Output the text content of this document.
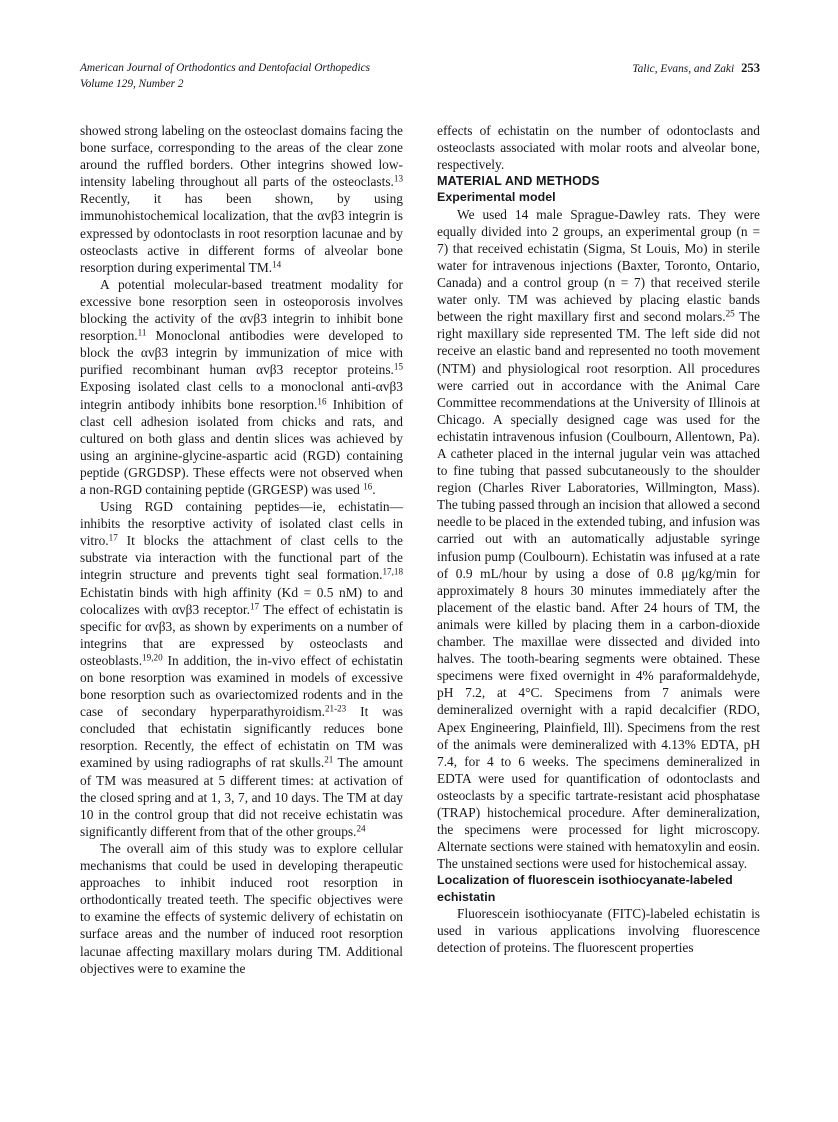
American Journal of Orthodontics and Dentofacial Orthopedics
Volume 129, Number 2
Talic, Evans, and Zaki 253

showed strong labeling on the osteoclast domains facing the bone surface, corresponding to the areas of the clear zone around the ruffled borders. Other integrins showed low-intensity labeling throughout all parts of the osteoclasts.$^{13}$ Recently, it has been shown, by using immunohistochemical localization, that the αvβ3 integrin is expressed by odontoclasts in root resorption lacunae and by osteoclasts active in different forms of alveolar bone resorption during experimental TM.$^{14}$

A potential molecular-based treatment modality for excessive bone resorption seen in osteoporosis involves blocking the activity of the αvβ3 integrin to inhibit bone resorption.$^{11}$ Monoclonal antibodies were developed to block the αvβ3 integrin by immunization of mice with purified recombinant human αvβ3 receptor proteins.$^{15}$ Exposing isolated clast cells to a monoclonal anti-αvβ3 integrin antibody inhibits bone resorption.$^{16}$ Inhibition of clast cell adhesion isolated from chicks and rats, and cultured on both glass and dentin slices was achieved by using an arginine-glycine-aspartic acid (RGD) containing peptide (GRGDSP). These effects were not observed when a non-RGD containing peptide (GRGESP) was used $^{16}$.

Using RGD containing peptides—ie, echistatin—inhibits the resorptive activity of isolated clast cells in vitro.$^{17}$ It blocks the attachment of clast cells to the substrate via interaction with the functional part of the integrin structure and prevents tight seal formation.$^{17,18}$ Echistatin binds with high affinity (Kd = 0.5 nM) to and colocalizes with αvβ3 receptor.$^{17}$ The effect of echistatin is specific for αvβ3, as shown by experiments on a number of integrins that are expressed by osteoclasts and osteoblasts.$^{19,20}$ In addition, the in-vivo effect of echistatin on bone resorption was examined in models of excessive bone resorption such as ovariectomized rodents and in the case of secondary hyperparathyroidism.$^{21-23}$ It was concluded that echistatin significantly reduces bone resorption. Recently, the effect of echistatin on TM was examined by using radiographs of rat skulls.$^{21}$ The amount of TM was measured at 5 different times: at activation of the closed spring and at 1, 3, 7, and 10 days. The TM at day 10 in the control group that did not receive echistatin was significantly different from that of the other groups.$^{24}$

The overall aim of this study was to explore cellular mechanisms that could be used in developing therapeutic approaches to inhibit induced root resorption in orthodontically treated teeth. The specific objectives were to examine the effects of systemic delivery of echistatin on surface areas and the number of induced root resorption lacunae affecting maxillary molars during TM. Additional objectives were to examine the

effects of echistatin on the number of odontoclasts and osteoclasts associated with molar roots and alveolar bone, respectively.

MATERIAL AND METHODS
Experimental model

We used 14 male Sprague-Dawley rats. They were equally divided into 2 groups, an experimental group (n = 7) that received echistatin (Sigma, St Louis, Mo) in sterile water for intravenous injections (Baxter, Toronto, Ontario, Canada) and a control group (n = 7) that received sterile water only. TM was achieved by placing elastic bands between the right maxillary first and second molars.$^{25}$ The right maxillary side represented TM. The left side did not receive an elastic band and represented no tooth movement (NTM) and physiological root resorption. All procedures were carried out in accordance with the Animal Care Committee recommendations at the University of Illinois at Chicago. A specially designed cage was used for the echistatin intravenous infusion (Coulbourn, Allentown, Pa). A catheter placed in the internal jugular vein was attached to fine tubing that passed subcutaneously to the shoulder region (Charles River Laboratories, Willmington, Mass). The tubing passed through an incision that allowed a second needle to be placed in the extended tubing, and infusion was carried out with an automatically adjustable syringe infusion pump (Coulbourn). Echistatin was infused at a rate of 0.9 mL/hour by using a dose of 0.8 μg/kg/min for approximately 8 hours 30 minutes immediately after the placement of the elastic band. After 24 hours of TM, the animals were killed by placing them in a carbon-dioxide chamber. The maxillae were dissected and divided into halves. The tooth-bearing segments were obtained. These specimens were fixed overnight in 4% paraformaldehyde, pH 7.2, at 4°C. Specimens from 7 animals were demineralized overnight with a rapid decalcifier (RDO, Apex Engineering, Plainfield, Ill). Specimens from the rest of the animals were demineralized with 4.13% EDTA, pH 7.4, for 4 to 6 weeks. The specimens demineralized in EDTA were used for quantification of odontoclasts and osteoclasts by a specific tartrate-resistant acid phosphatase (TRAP) histochemical procedure. After demineralization, the specimens were processed for light microscopy. Alternate sections were stained with hematoxylin and eosin. The unstained sections were used for histochemical assay.

Localization of fluorescein isothiocyanate-labeled echistatin

Fluorescein isothiocyanate (FITC)-labeled echistatin is used in various applications involving fluorescence detection of proteins. The fluorescent properties
